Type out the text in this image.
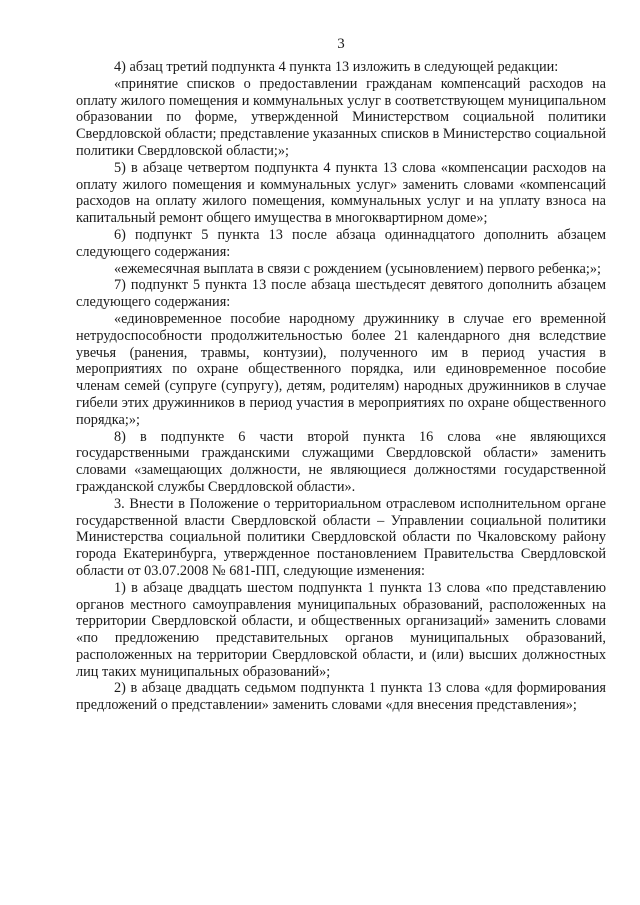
3

4) абзац третий подпункта 4 пункта 13 изложить в следующей редакции:

«принятие списков о предоставлении гражданам компенсаций расходов на оплату жилого помещения и коммунальных услуг в соответствующем муниципальном образовании по форме, утвержденной Министерством социальной политики Свердловской области; представление указанных списков в Министерство социальной политики Свердловской области;»;

5) в абзаце четвертом подпункта 4 пункта 13 слова «компенсации расходов на оплату жилого помещения и коммунальных услуг» заменить словами «компенсаций расходов на оплату жилого помещения, коммунальных услуг и на уплату взноса на капитальный ремонт общего имущества в многоквартирном доме»;

6) подпункт 5 пункта 13 после абзаца одиннадцатого дополнить абзацем следующего содержания:

«ежемесячная выплата в связи с рождением (усыновлением) первого ребенка;»;

7) подпункт 5 пункта 13 после абзаца шестьдесят девятого дополнить абзацем следующего содержания:

«единовременное пособие народному дружиннику в случае его временной нетрудоспособности продолжительностью более 21 календарного дня вследствие увечья (ранения, травмы, контузии), полученного им в период участия в мероприятиях по охране общественного порядка, или единовременное пособие членам семей (супруге (супругу), детям, родителям) народных дружинников в случае гибели этих дружинников в период участия в мероприятиях по охране общественного порядка;»;

8) в подпункте 6 части второй пункта 16 слова «не являющихся государственными гражданскими служащими Свердловской области» заменить словами «замещающих должности, не являющиеся должностями государственной гражданской службы Свердловской области».

3. Внести в Положение о территориальном отраслевом исполнительном органе государственной власти Свердловской области – Управлении социальной политики Министерства социальной политики Свердловской области по Чкаловскому району города Екатеринбурга, утвержденное постановлением Правительства Свердловской области от 03.07.2008 № 681-ПП, следующие изменения:

1) в абзаце двадцать шестом подпункта 1 пункта 13 слова «по представлению органов местного самоуправления муниципальных образований, расположенных на территории Свердловской области, и общественных организаций» заменить словами «по предложению представительных органов муниципальных образований, расположенных на территории Свердловской области, и (или) высших должностных лиц таких муниципальных образований»;

2) в абзаце двадцать седьмом подпункта 1 пункта 13 слова «для формирования предложений о представлении» заменить словами «для внесения представления»;
